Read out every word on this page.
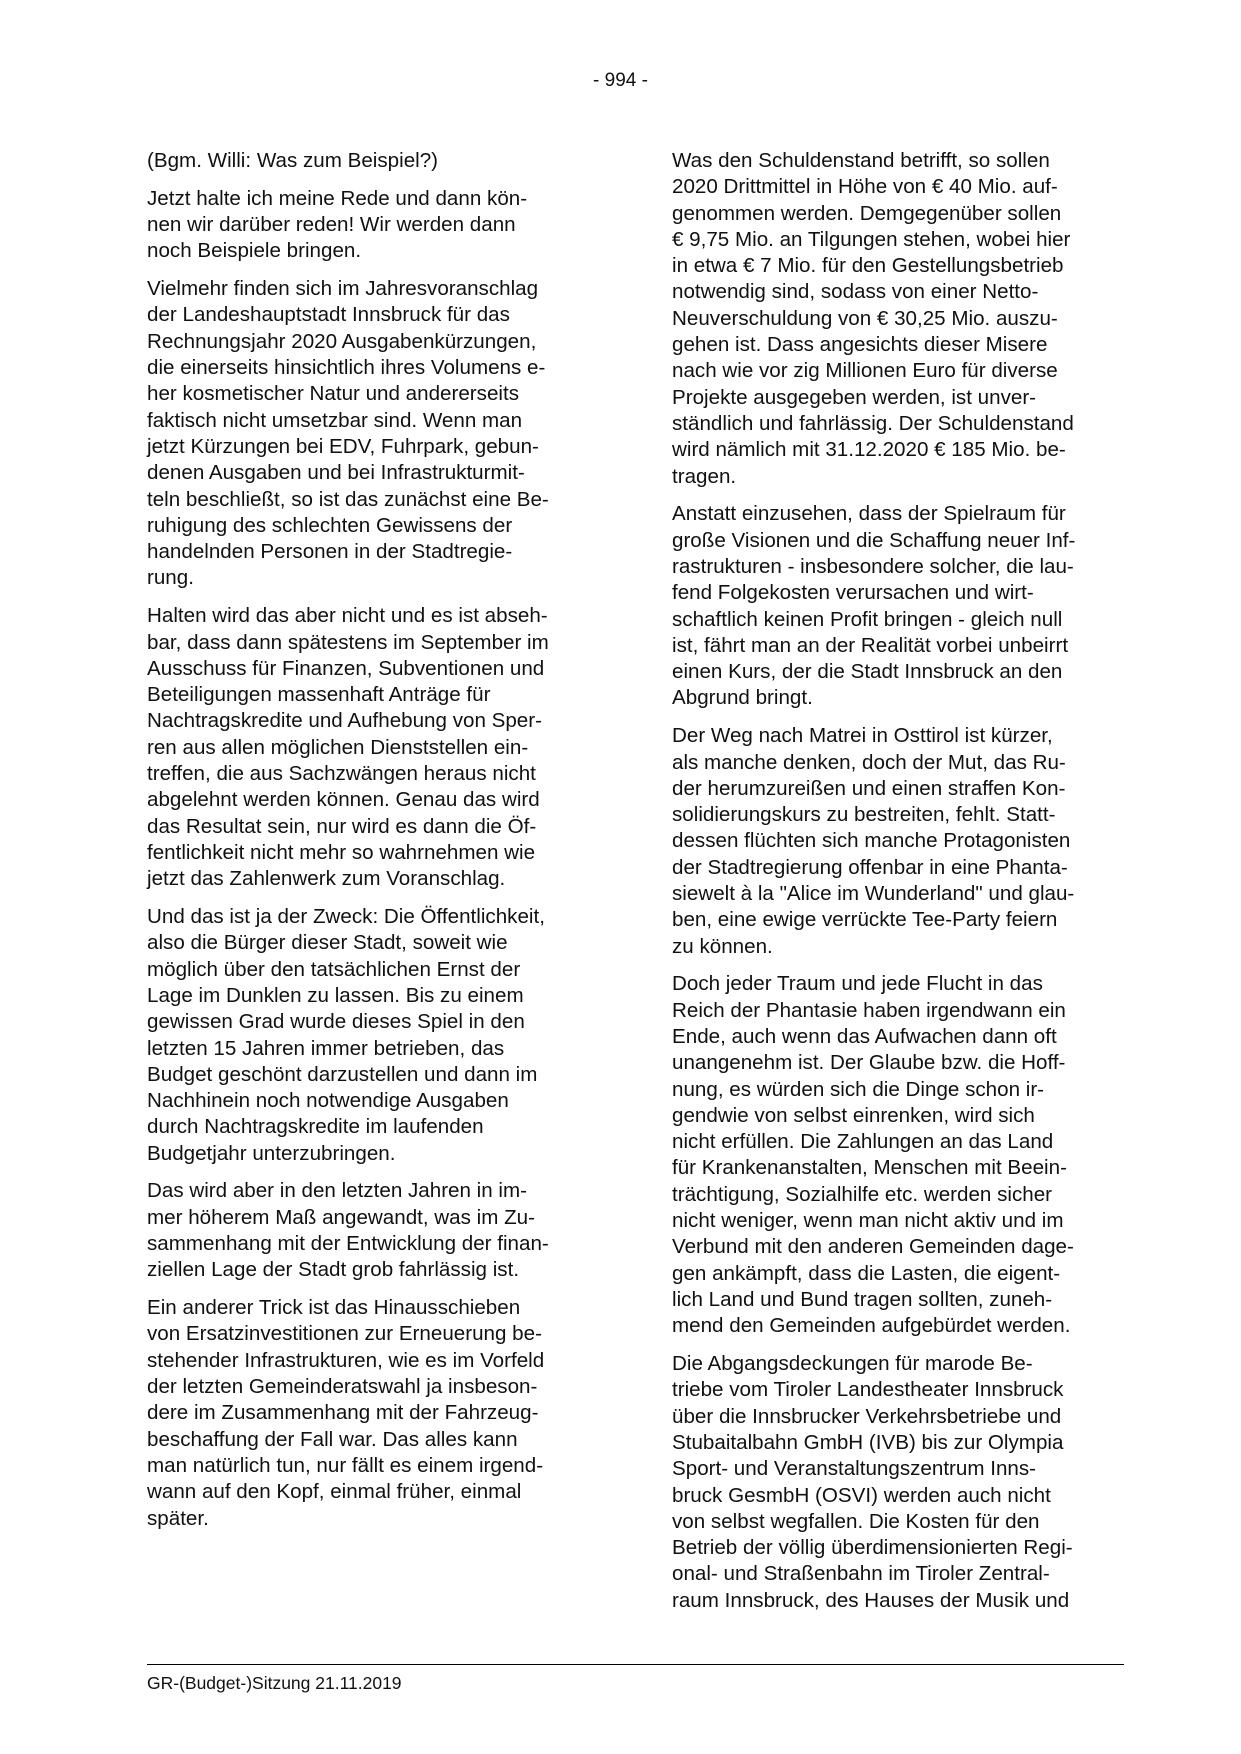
- 994 -

(Bgm. Willi: Was zum Beispiel?)

Jetzt halte ich meine Rede und dann kön-
nen wir darüber reden! Wir werden dann
noch Beispiele bringen.

Vielmehr finden sich im Jahresvoranschlag
der Landeshauptstadt Innsbruck für das
Rechnungsjahr 2020 Ausgabenkürzungen,
die einerseits hinsichtlich ihres Volumens e-
her kosmetischer Natur und andererseits
faktisch nicht umsetzbar sind. Wenn man
jetzt Kürzungen bei EDV, Fuhrpark, gebun-
denen Ausgaben und bei Infrastrukturmit-
teln beschließt, so ist das zunächst eine Be-
ruhigung des schlechten Gewissens der
handelnden Personen in der Stadtregie-
rung.

Halten wird das aber nicht und es ist abseh-
bar, dass dann spätestens im September im
Ausschuss für Finanzen, Subventionen und
Beteiligungen massenhaft Anträge für
Nachtragskredite und Aufhebung von Sper-
ren aus allen möglichen Dienststellen ein-
treffen, die aus Sachzwängen heraus nicht
abgelehnt werden können. Genau das wird
das Resultat sein, nur wird es dann die Öf-
fentlichkeit nicht mehr so wahrnehmen wie
jetzt das Zahlenwerk zum Voranschlag.

Und das ist ja der Zweck: Die Öffentlichkeit,
also die Bürger dieser Stadt, soweit wie
möglich über den tatsächlichen Ernst der
Lage im Dunklen zu lassen. Bis zu einem
gewissen Grad wurde dieses Spiel in den
letzten 15 Jahren immer betrieben, das
Budget geschönt darzustellen und dann im
Nachhinein noch notwendige Ausgaben
durch Nachtragskredite im laufenden
Budgetjahr unterzubringen.

Das wird aber in den letzten Jahren in im-
mer höherem Maß angewandt, was im Zu-
sammenhang mit der Entwicklung der finan-
ziellen Lage der Stadt grob fahrlässig ist.

Ein anderer Trick ist das Hinausschieben
von Ersatzinvestitionen zur Erneuerung be-
stehender Infrastrukturen, wie es im Vorfeld
der letzten Gemeinderatswahl ja insbeson-
dere im Zusammenhang mit der Fahrzeug-
beschaffung der Fall war. Das alles kann
man natürlich tun, nur fällt es einem irgend-
wann auf den Kopf, einmal früher, einmal
später.

Was den Schuldenstand betrifft, so sollen
2020 Drittmittel in Höhe von € 40 Mio. auf-
genommen werden. Demgegenüber sollen
€ 9,75 Mio. an Tilgungen stehen, wobei hier
in etwa € 7 Mio. für den Gestellungsbetrieb
notwendig sind, sodass von einer Netto-
Neuverschuldung von € 30,25 Mio. auszu-
gehen ist. Dass angesichts dieser Misere
nach wie vor zig Millionen Euro für diverse
Projekte ausgegeben werden, ist unver-
ständlich und fahrlässig. Der Schuldenstand
wird nämlich mit 31.12.2020 € 185 Mio. be-
tragen.

Anstatt einzusehen, dass der Spielraum für
große Visionen und die Schaffung neuer Inf-
rastrukturen - insbesondere solcher, die lau-
fend Folgekosten verursachen und wirt-
schaftlich keinen Profit bringen - gleich null
ist, fährt man an der Realität vorbei unbeirrt
einen Kurs, der die Stadt Innsbruck an den
Abgrund bringt.

Der Weg nach Matrei in Osttirol ist kürzer,
als manche denken, doch der Mut, das Ru-
der herumzureißen und einen straffen Kon-
solidierungskurs zu bestreiten, fehlt. Statt-
dessen flüchten sich manche Protagonisten
der Stadtregierung offenbar in eine Phanta-
siewelt à la "Alice im Wunderland" und glau-
ben, eine ewige verrückte Tee-Party feiern
zu können.

Doch jeder Traum und jede Flucht in das
Reich der Phantasie haben irgendwann ein
Ende, auch wenn das Aufwachen dann oft
unangenehm ist. Der Glaube bzw. die Hoff-
nung, es würden sich die Dinge schon ir-
gendwie von selbst einrenken, wird sich
nicht erfüllen. Die Zahlungen an das Land
für Krankenanstalten, Menschen mit Beein-
trächtigung, Sozialhilfe etc. werden sicher
nicht weniger, wenn man nicht aktiv und im
Verbund mit den anderen Gemeinden dage-
gen ankämpft, dass die Lasten, die eigent-
lich Land und Bund tragen sollten, zuneh-
mend den Gemeinden aufgebürdet werden.

Die Abgangsdeckungen für marode Be-
triebe vom Tiroler Landestheater Innsbruck
über die Innsbrucker Verkehrsbetriebe und
Stubaitalbahn GmbH (IVB) bis zur Olympia
Sport- und Veranstaltungszentrum Inns-
bruck GesmbH (OSVI) werden auch nicht
von selbst wegfallen. Die Kosten für den
Betrieb der völlig überdimensionierten Regi-
onal- und Straßenbahn im Tiroler Zentral-
raum Innsbruck, des Hauses der Musik und

GR-(Budget-)Sitzung 21.11.2019
